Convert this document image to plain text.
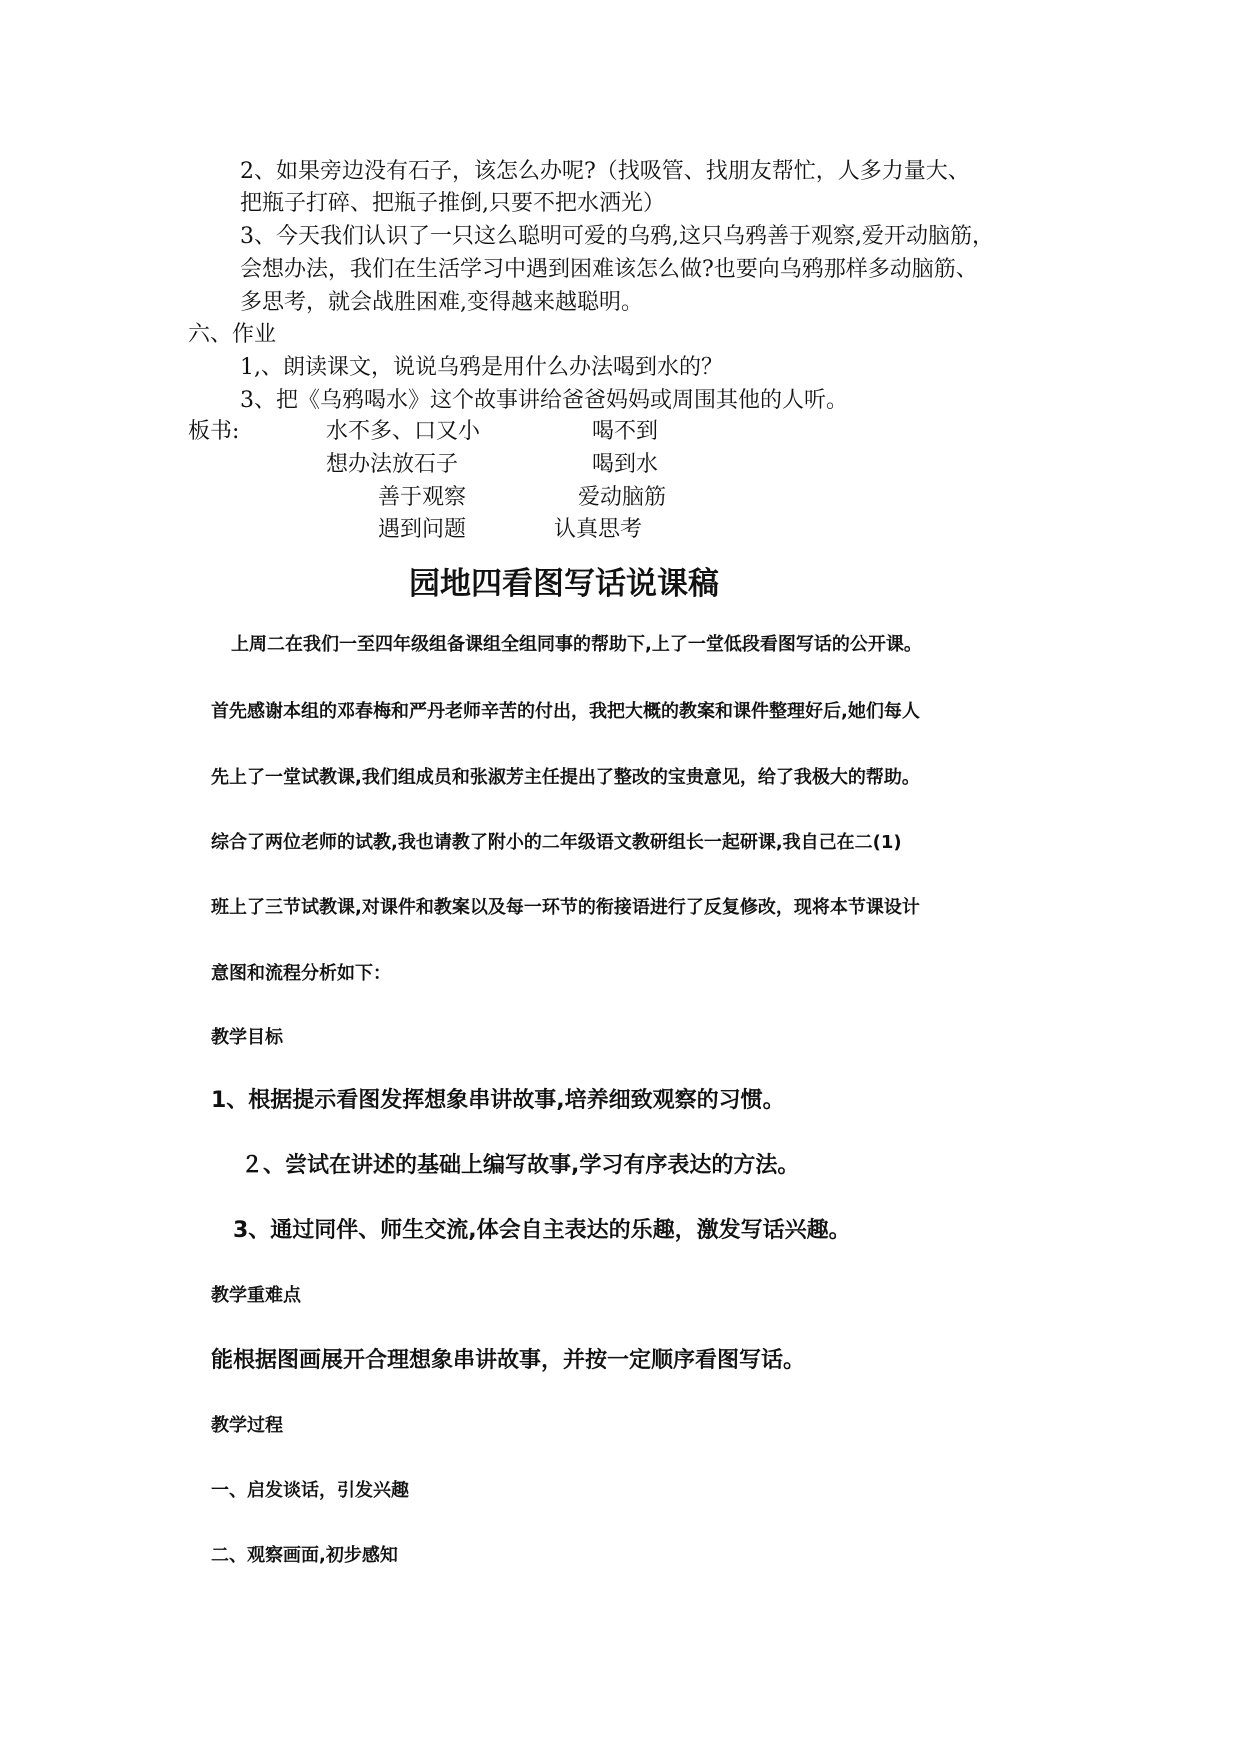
2、如果旁边没有石子，该怎么办呢?（找吸管、找朋友帮忙，人多力量大、

把瓶子打碎、把瓶子推倒,只要不把水洒光）

3、今天我们认识了一只这么聪明可爱的乌鸦,这只乌鸦善于观察,爱开动脑筋，

会想办法，我们在生活学习中遇到困难该怎么做?也要向乌鸦那样多动脑筋、

多思考，就会战胜困难,变得越来越聪明。

六、作业

1,、朗读课文，说说乌鸦是用什么办法喝到水的？

3、把《乌鸦喝水》这个故事讲给爸爸妈妈或周围其他的人听。

板书:	水不多、口又小	喝不到

想办法放石子	喝到水

善于观察	爱动脑筋

遇到问题	认真思考

园地四看图写话说课稿

上周二在我们一至四年级组备课组全组同事的帮助下,上了一堂低段看图写话的公开课。

首先感谢本组的邓春梅和严丹老师辛苦的付出，我把大概的教案和课件整理好后,她们每人

先上了一堂试教课,我们组成员和张淑芳主任提出了整改的宝贵意见，给了我极大的帮助。

综合了两位老师的试教,我也请教了附小的二年级语文教研组长一起研课,我自己在二(1)

班上了三节试教课,对课件和教案以及每一环节的衔接语进行了反复修改，现将本节课设计

意图和流程分析如下：

教学目标

1、根据提示看图发挥想象串讲故事,培养细致观察的习惯。

２、尝试在讲述的基础上编写故事,学习有序表达的方法。

3、通过同伴、师生交流,体会自主表达的乐趣，激发写话兴趣。

教学重难点

能根据图画展开合理想象串讲故事，并按一定顺序看图写话。

教学过程

一、启发谈话，引发兴趣

二、观察画面,初步感知
